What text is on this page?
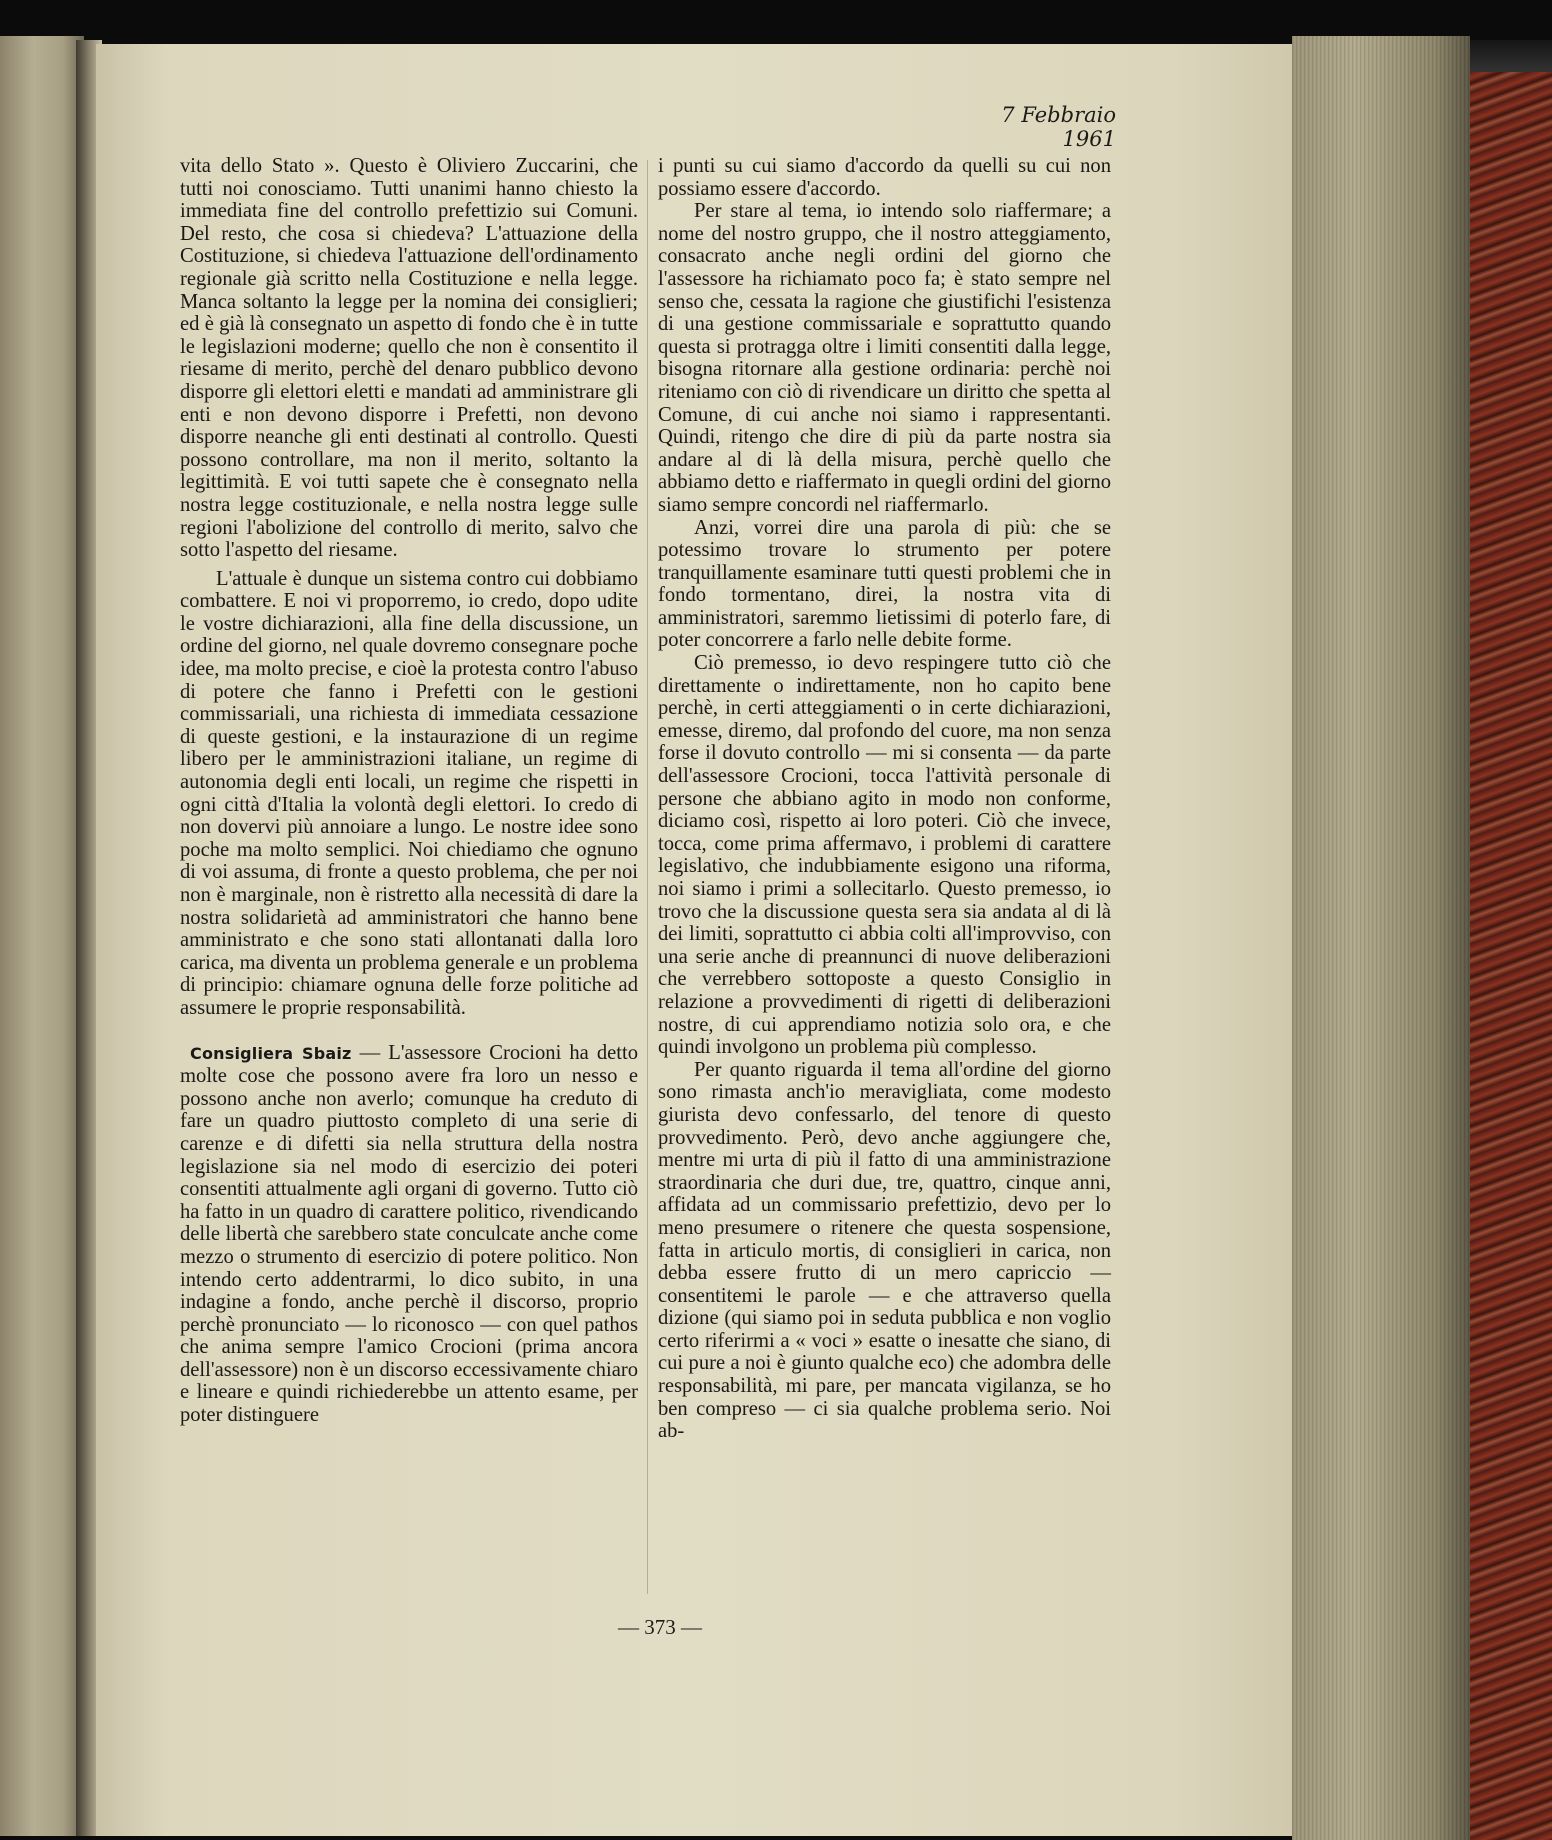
7 Febbraio 1961

vita dello Stato ». Questo è Oliviero Zuccarini, che tutti noi conosciamo. Tutti unanimi hanno chiesto la immediata fine del controllo prefettizio sui Comuni. Del resto, che cosa si chiedeva? L'attuazione della Costituzione, si chiedeva l'attuazione dell'ordinamento regionale già scritto nella Costituzione e nella legge. Manca soltanto la legge per la nomina dei consiglieri; ed è già là consegnato un aspetto di fondo che è in tutte le legislazioni moderne; quello che non è consentito il riesame di merito, perchè del denaro pubblico devono disporre gli elettori eletti e mandati ad amministrare gli enti e non devono disporre i Prefetti, non devono disporre neanche gli enti destinati al controllo. Questi possono controllare, ma non il merito, soltanto la legittimità. E voi tutti sapete che è consegnato nella nostra legge costituzionale, e nella nostra legge sulle regioni l'abolizione del controllo di merito, salvo che sotto l'aspetto del riesame.

L'attuale è dunque un sistema contro cui dobbiamo combattere. E noi vi proporremo, io credo, dopo udite le vostre dichiarazioni, alla fine della discussione, un ordine del giorno, nel quale dovremo consegnare poche idee, ma molto precise, e cioè la protesta contro l'abuso di potere che fanno i Prefetti con le gestioni commissariali, una richiesta di immediata cessazione di queste gestioni, e la instaurazione di un regime libero per le amministrazioni italiane, un regime di autonomia degli enti locali, un regime che rispetti in ogni città d'Italia la volontà degli elettori. Io credo di non dovervi più annoiare a lungo. Le nostre idee sono poche ma molto semplici. Noi chiediamo che ognuno di voi assuma, di fronte a questo problema, che per noi non è marginale, non è ristretto alla necessità di dare la nostra solidarietà ad amministratori che hanno bene amministrato e che sono stati allontanati dalla loro carica, ma diventa un problema generale e un problema di principio: chiamare ognuna delle forze politiche ad assumere le proprie responsabilità.

Consigliera Sbaiz — L'assessore Crocioni ha detto molte cose che possono avere fra loro un nesso e possono anche non averlo; comunque ha creduto di fare un quadro piuttosto completo di una serie di carenze e di difetti sia nella struttura della nostra legislazione sia nel modo di esercizio dei poteri consentiti attualmente agli organi di governo. Tutto ciò ha fatto in un quadro di carattere politico, rivendicando delle libertà che sarebbero state conculcate anche come mezzo o strumento di esercizio di potere politico. Non intendo certo addentrarmi, lo dico subito, in una indagine a fondo, anche perchè il discorso, proprio perchè pronunciato — lo riconosco — con quel pathos che anima sempre l'amico Crocioni (prima ancora dell'assessore) non è un discorso eccessivamente chiaro e lineare e quindi richiederebbe un attento esame, per poter distinguere

i punti su cui siamo d'accordo da quelli su cui non possiamo essere d'accordo.

Per stare al tema, io intendo solo riaffermare; a nome del nostro gruppo, che il nostro atteggiamento, consacrato anche negli ordini del giorno che l'assessore ha richiamato poco fa; è stato sempre nel senso che, cessata la ragione che giustifichi l'esistenza di una gestione commissariale e soprattutto quando questa si protragga oltre i limiti consentiti dalla legge, bisogna ritornare alla gestione ordinaria: perchè noi riteniamo con ciò di rivendicare un diritto che spetta al Comune, di cui anche noi siamo i rappresentanti. Quindi, ritengo che dire di più da parte nostra sia andare al di là della misura, perchè quello che abbiamo detto e riaffermato in quegli ordini del giorno siamo sempre concordi nel riaffermarlo.

Anzi, vorrei dire una parola di più: che se potessimo trovare lo strumento per potere tranquillamente esaminare tutti questi problemi che in fondo tormentano, direi, la nostra vita di amministratori, saremmo lietissimi di poterlo fare, di poter concorrere a farlo nelle debite forme.

Ciò premesso, io devo respingere tutto ciò che direttamente o indirettamente, non ho capito bene perchè, in certi atteggiamenti o in certe dichiarazioni, emesse, diremo, dal profondo del cuore, ma non senza forse il dovuto controllo — mi si consenta — da parte dell'assessore Crocioni, tocca l'attività personale di persone che abbiano agito in modo non conforme, diciamo così, rispetto ai loro poteri. Ciò che invece, tocca, come prima affermavo, i problemi di carattere legislativo, che indubbiamente esigono una riforma, noi siamo i primi a sollecitarlo. Questo premesso, io trovo che la discussione questa sera sia andata al di là dei limiti, soprattutto ci abbia colti all'improvviso, con una serie anche di preannunci di nuove deliberazioni che verrebbero sottoposte a questo Consiglio in relazione a provvedimenti di rigetti di deliberazioni nostre, di cui apprendiamo notizia solo ora, e che quindi involgono un problema più complesso.

Per quanto riguarda il tema all'ordine del giorno sono rimasta anch'io meravigliata, come modesto giurista devo confessarlo, del tenore di questo provvedimento. Però, devo anche aggiungere che, mentre mi urta di più il fatto di una amministrazione straordinaria che duri due, tre, quattro, cinque anni, affidata ad un commissario prefettizio, devo per lo meno presumere o ritenere che questa sospensione, fatta in articulo mortis, di consiglieri in carica, non debba essere frutto di un mero capriccio — consentitemi le parole — e che attraverso quella dizione (qui siamo poi in seduta pubblica e non voglio certo riferirmi a « voci » esatte o inesatte che siano, di cui pure a noi è giunto qualche eco) che adombra delle responsabilità, mi pare, per mancata vigilanza, se ho ben compreso — ci sia qualche problema serio. Noi ab-

— 373 —
